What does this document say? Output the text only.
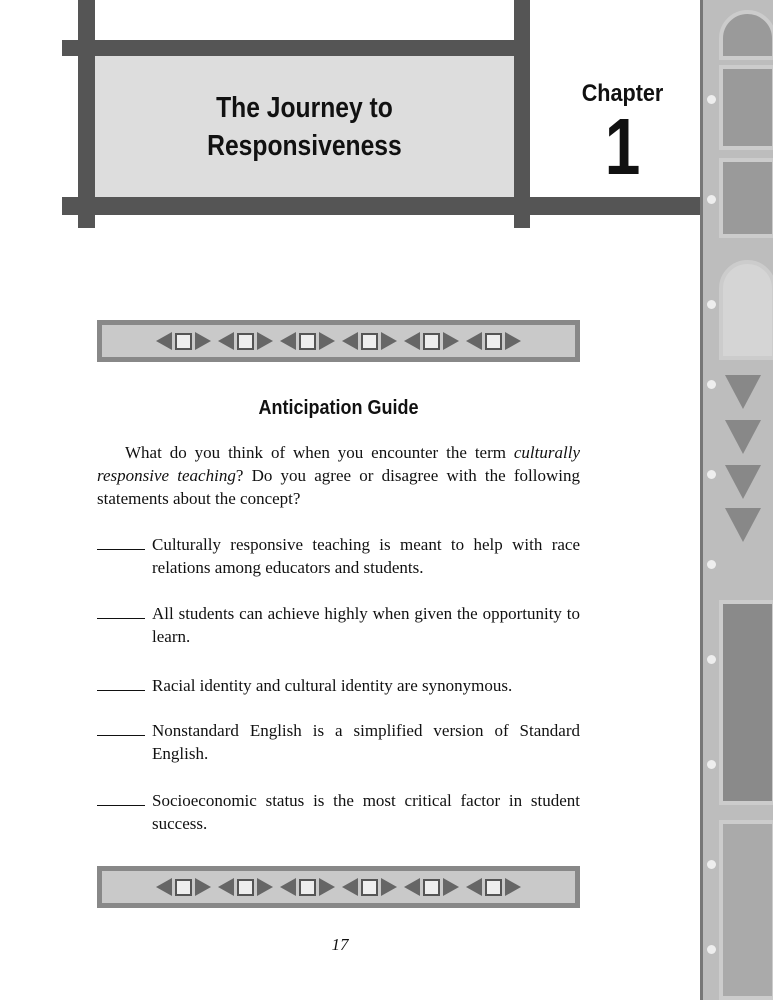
The Journey to
Responsiveness
Chapter
1
Anticipation Guide
What do you think of when you encounter the term culturally responsive teaching? Do you agree or disagree with the following statements about the concept?
Culturally responsive teaching is meant to help with race relations among educators and students.
All students can achieve highly when given the opportunity to learn.
Racial identity and cultural identity are synonymous.
Nonstandard English is a simplified version of Standard English.
Socioeconomic status is the most critical factor in student success.
17
